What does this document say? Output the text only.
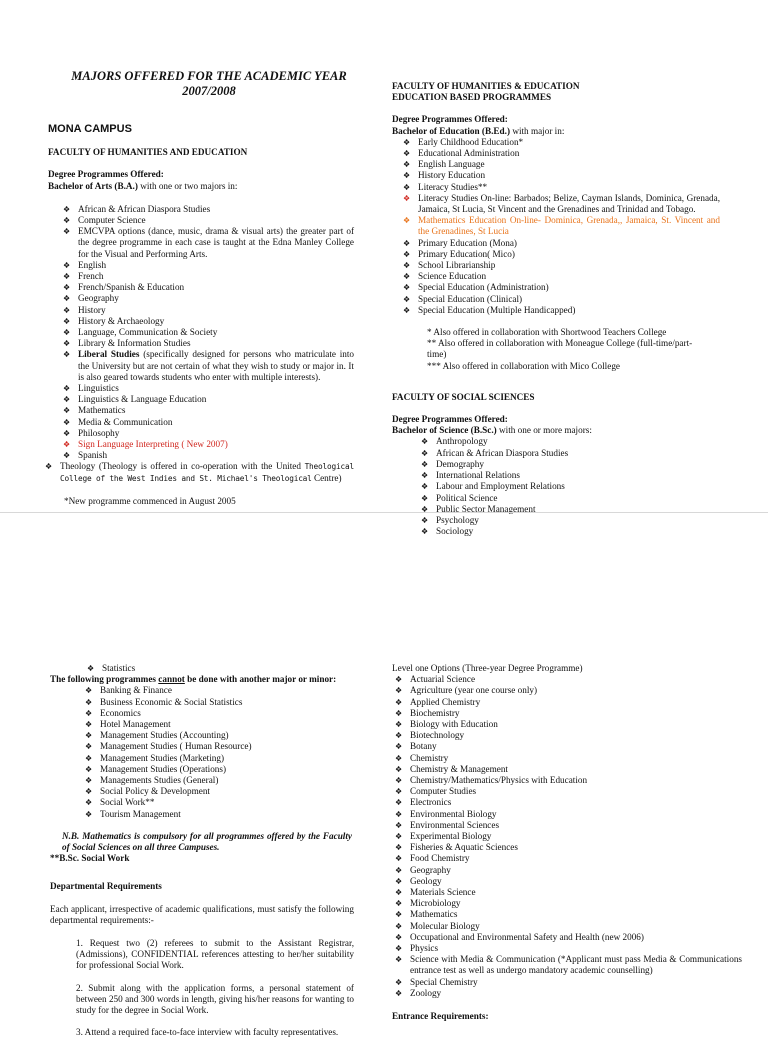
MAJORS OFFERED FOR THE ACADEMIC YEAR
2007/2008
MONA CAMPUS
FACULTY OF HUMANITIES AND EDUCATION
Degree Programmes Offered:
Bachelor of Arts (B.A.) with one or two majors in:
❖ African & African Diaspora Studies
❖ Computer Science
❖ EMCVPA options (dance, music, drama & visual arts) the greater part of the degree programme in each case is taught at the Edna Manley College for the Visual and Performing Arts.
❖ English
❖ French
❖ French/Spanish & Education
❖ Geography
❖ History
❖ History & Archaeology
❖ Language, Communication & Society
❖ Library & Information Studies
❖ Liberal Studies (specifically designed for persons who matriculate into the University but are not certain of what they wish to study or major in. It is also geared towards students who enter with multiple interests).
❖ Linguistics
❖ Linguistics & Language Education
❖ Mathematics
❖ Media & Communication
❖ Philosophy
❖ Sign Language Interpreting ( New 2007)
❖ Spanish
❖ Theology (Theology is offered in co-operation with the United Theological College of the West Indies and St. Michael's Theological Centre)

*New programme commenced in August 2005

FACULTY OF HUMANITIES & EDUCATION
EDUCATION BASED PROGRAMMES
Degree Programmes Offered:
Bachelor of Education (B.Ed.) with major in:
❖ Early Childhood Education*
❖ Educational Administration
❖ English Language
❖ History Education
❖ Literacy Studies**
❖ Literacy Studies On-line: Barbados; Belize, Cayman Islands, Dominica, Grenada, Jamaica, St Lucia, St Vincent and the Grenadines and Trinidad and Tobago.
❖ Mathematics Education On-line- Dominica, Grenada,, Jamaica, St. Vincent and the Grenadines, St Lucia
❖ Primary Education (Mona)
❖ Primary Education( Mico)
❖ School Librarianship
❖ Science Education
❖ Special Education (Administration)
❖ Special Education (Clinical)
❖ Special Education (Multiple Handicapped)

* Also offered in collaboration with Shortwood Teachers College

** Also offered in collaboration with Moneague College (full-time/part-time)

*** Also offered in collaboration with Mico College

FACULTY OF SOCIAL SCIENCES
Degree Programmes Offered:
Bachelor of Science (B.Sc.) with one or more majors:
❖ Anthropology
❖ African & African Diaspora Studies
❖ Demography
❖ International Relations
❖ Labour and Employment Relations
❖ Political Science
❖ Public Sector Management
❖ Psychology
❖ Sociology
❖ Statistics
The following programmes cannot be done with another major or minor:
❖ Banking & Finance
❖ Business Economic & Social Statistics
❖ Economics
❖ Hotel Management
❖ Management Studies (Accounting)
❖ Management Studies ( Human Resource)
❖ Management Studies (Marketing)
❖ Management Studies (Operations)
❖ Managements Studies (General)
❖ Social Policy & Development
❖ Social Work**
❖ Tourism Management

N.B. Mathematics is compulsory for all programmes offered by the Faculty of Social Sciences on all three Campuses.

**B.Sc. Social Work

Departmental Requirements

Each applicant, irrespective of academic qualifications, must satisfy the following departmental requirements:-

1. Request two (2) referees to submit to the Assistant Registrar, (Admissions), CONFIDENTIAL references attesting to her/her suitability for professional Social Work.

2. Submit along with the application forms, a personal statement of between 250 and 300 words in length, giving his/her reasons for wanting to study for the degree in Social Work.

3. Attend a required face-to-face interview with faculty representatives.

Level one Options (Three-year Degree Programme)

❖ Actuarial Science
❖ Agriculture (year one course only)
❖ Applied Chemistry
❖ Biochemistry
❖ Biology with Education
❖ Biotechnology
❖ Botany
❖ Chemistry
❖ Chemistry & Management
❖ Chemistry/Mathematics/Physics with Education
❖ Computer Studies
❖ Electronics
❖ Environmental Biology
❖ Environmental Sciences
❖ Experimental Biology
❖ Fisheries & Aquatic Sciences
❖ Food Chemistry
❖ Geography
❖ Geology
❖ Materials Science
❖ Microbiology
❖ Mathematics
❖ Molecular Biology
❖ Occupational and Environmental Safety and Health (new 2006)
❖ Physics
❖ Science with Media & Communication (*Applicant must pass Media & Communications entrance test as well as undergo mandatory academic counselling)
❖ Special Chemistry
❖ Zoology

Entrance Requirements:
